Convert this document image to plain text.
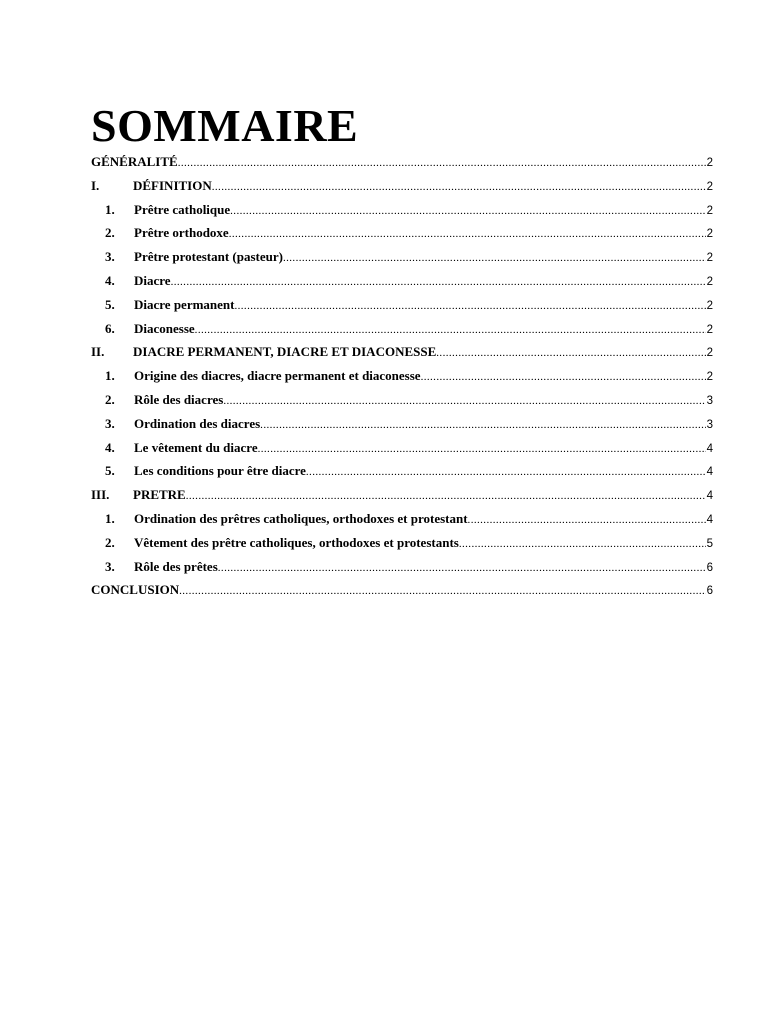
SOMMAIRE
GÉNÉRALITÉ .....	2
I.	DÉFINITION .....	2
1.	Prêtre catholique .....	2
2.	Prêtre orthodoxe .....	2
3.	Prêtre protestant (pasteur) .....	2
4.	Diacre .....	2
5.	Diacre permanent .....	2
6.	Diaconesse .....	2
II.	DIACRE PERMANENT, DIACRE ET DIACONESSE .....	2
1.	Origine des diacres, diacre permanent et diaconesse .....	2
2.	Rôle des diacres .....	3
3.	Ordination des diacres .....	3
4.	Le vêtement du diacre .....	4
5.	Les conditions pour être diacre .....	4
III.	PRETRE .....	4
1.	Ordination des prêtres catholiques, orthodoxes et protestant .....	4
2.	Vêtement des prêtre catholiques, orthodoxes et protestants .....	5
3.	Rôle des prêtes .....	6
CONCLUSION .....	6
